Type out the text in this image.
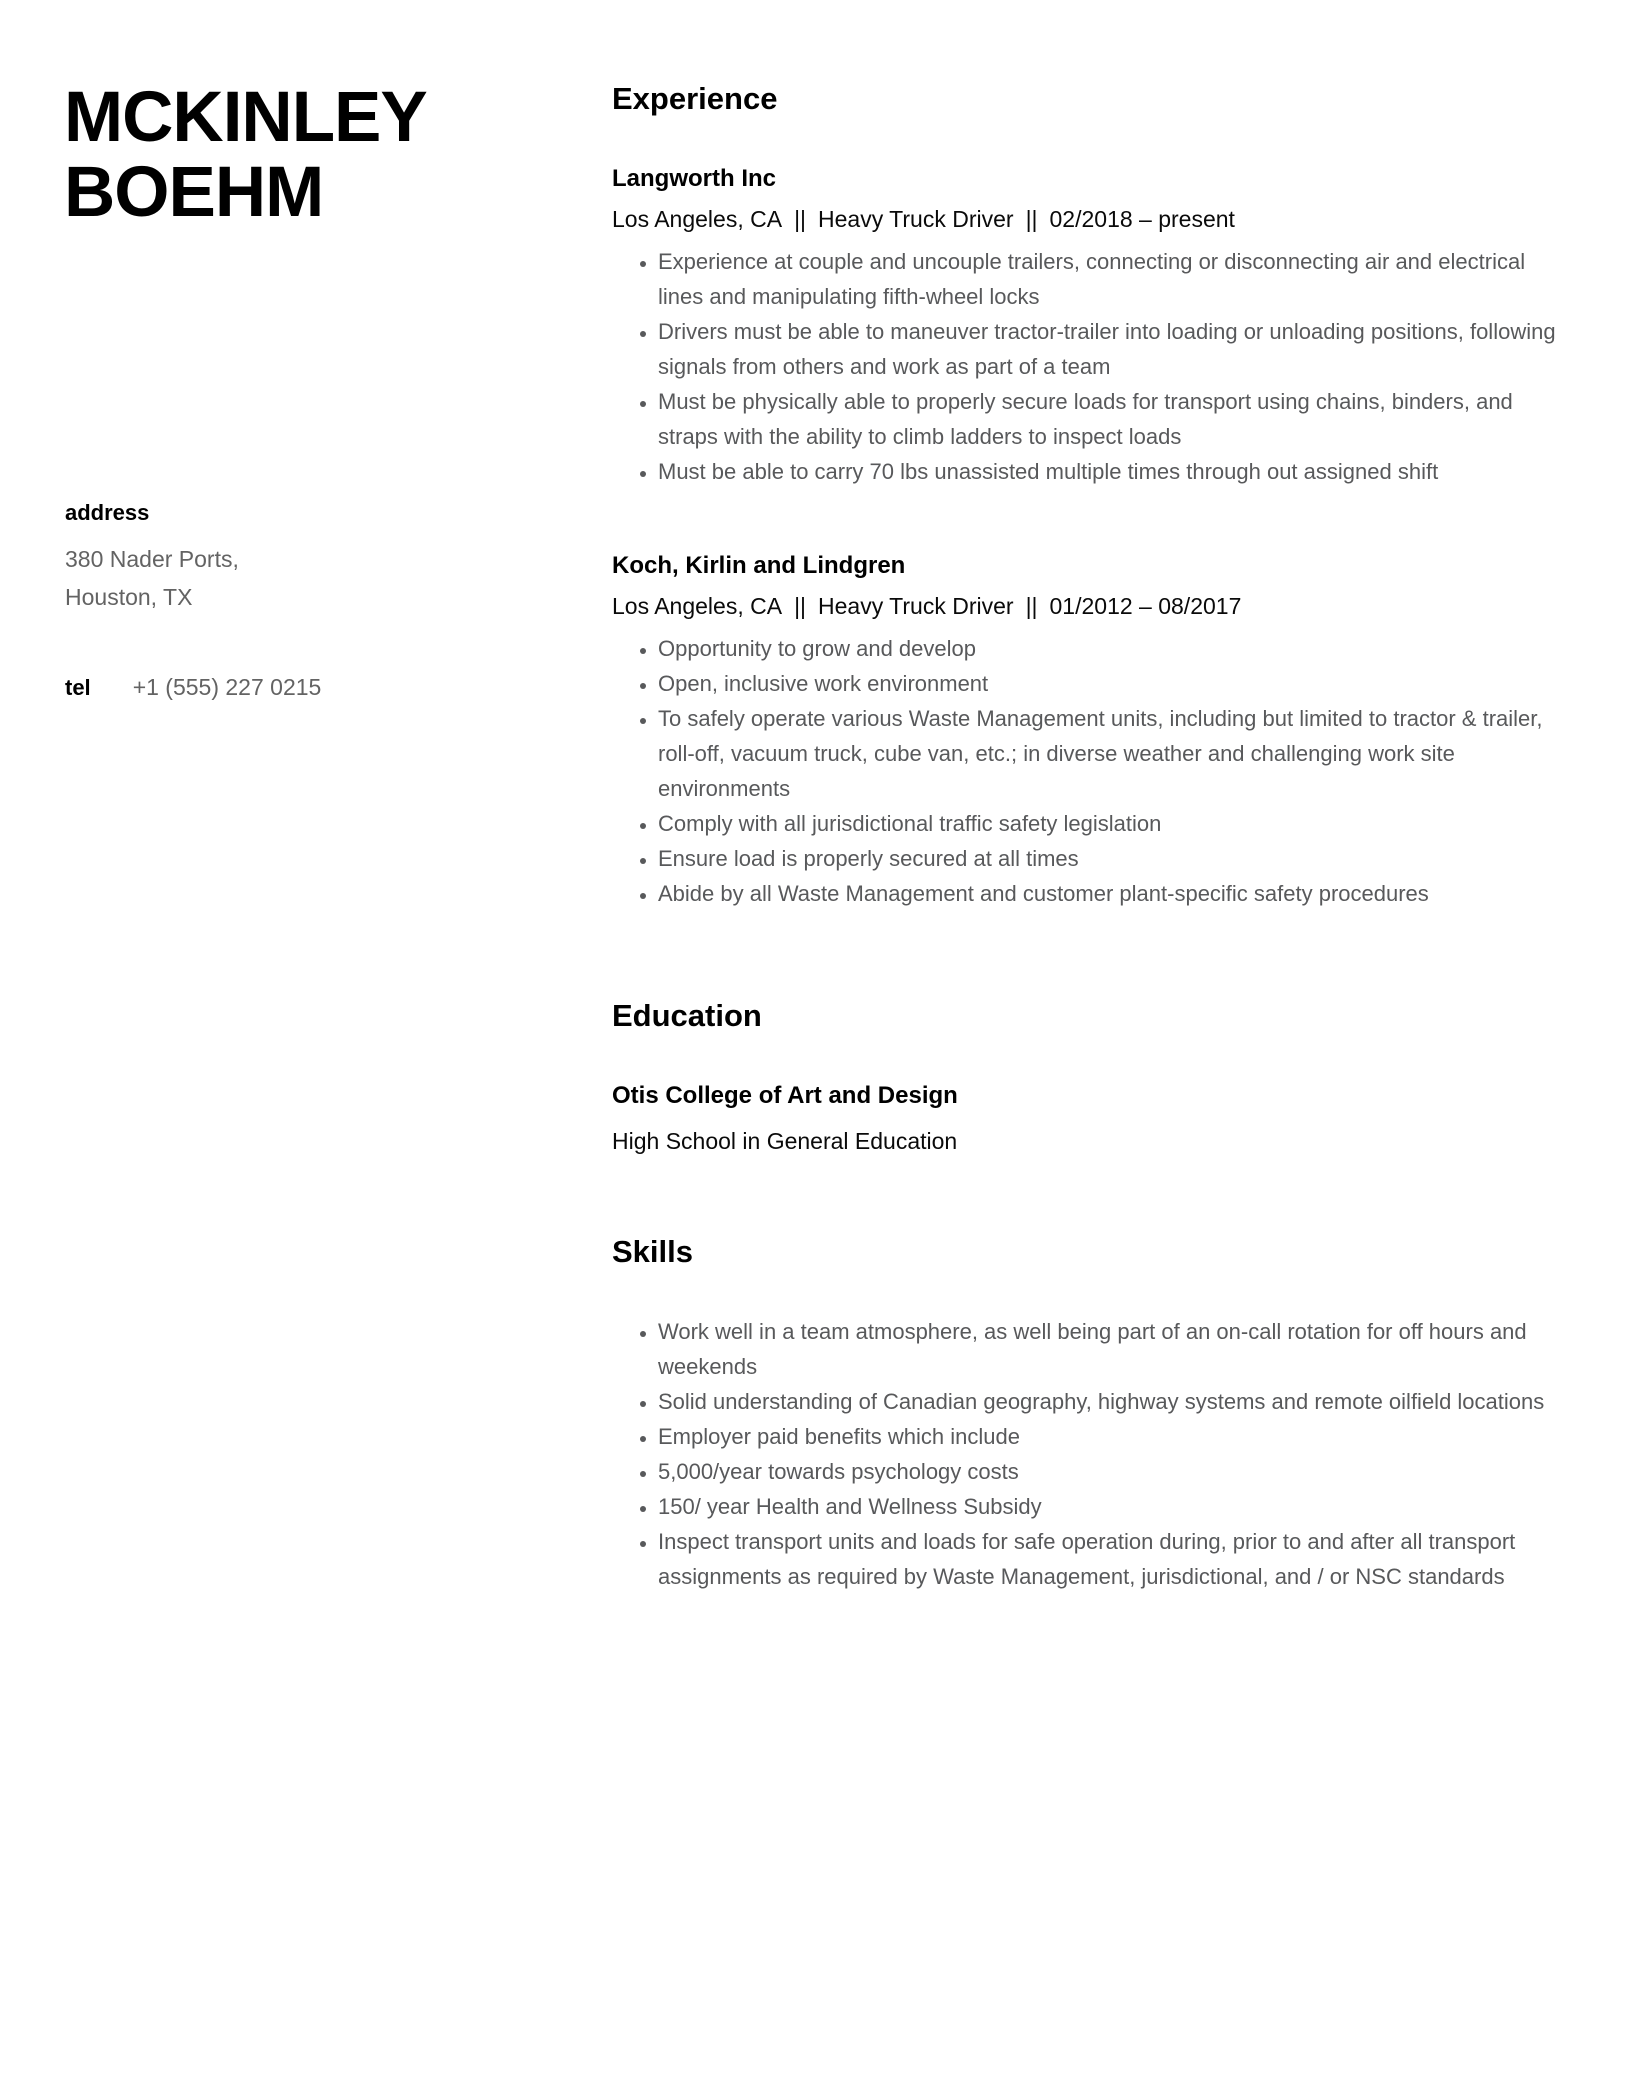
MCKINLEY
BOEHM
address
380 Nader Ports,
Houston, TX
tel +1 (555) 227 0215
Experience
Langworth Inc
Los Angeles, CA || Heavy Truck Driver || 02/2018 – present
• Experience at couple and uncouple trailers, connecting or disconnecting air and electrical lines and manipulating fifth-wheel locks
• Drivers must be able to maneuver tractor-trailer into loading or unloading positions, following signals from others and work as part of a team
• Must be physically able to properly secure loads for transport using chains, binders, and straps with the ability to climb ladders to inspect loads
• Must be able to carry 70 lbs unassisted multiple times through out assigned shift
Koch, Kirlin and Lindgren
Los Angeles, CA || Heavy Truck Driver || 01/2012 – 08/2017
• Opportunity to grow and develop
• Open, inclusive work environment
• To safely operate various Waste Management units, including but limited to tractor & trailer, roll-off, vacuum truck, cube van, etc.; in diverse weather and challenging work site environments
• Comply with all jurisdictional traffic safety legislation
• Ensure load is properly secured at all times
• Abide by all Waste Management and customer plant-specific safety procedures
Education
Otis College of Art and Design
High School in General Education
Skills
• Work well in a team atmosphere, as well being part of an on-call rotation for off hours and weekends
• Solid understanding of Canadian geography, highway systems and remote oilfield locations
• Employer paid benefits which include
• 5,000/year towards psychology costs
• 150/ year Health and Wellness Subsidy
• Inspect transport units and loads for safe operation during, prior to and after all transport assignments as required by Waste Management, jurisdictional, and / or NSC standards
